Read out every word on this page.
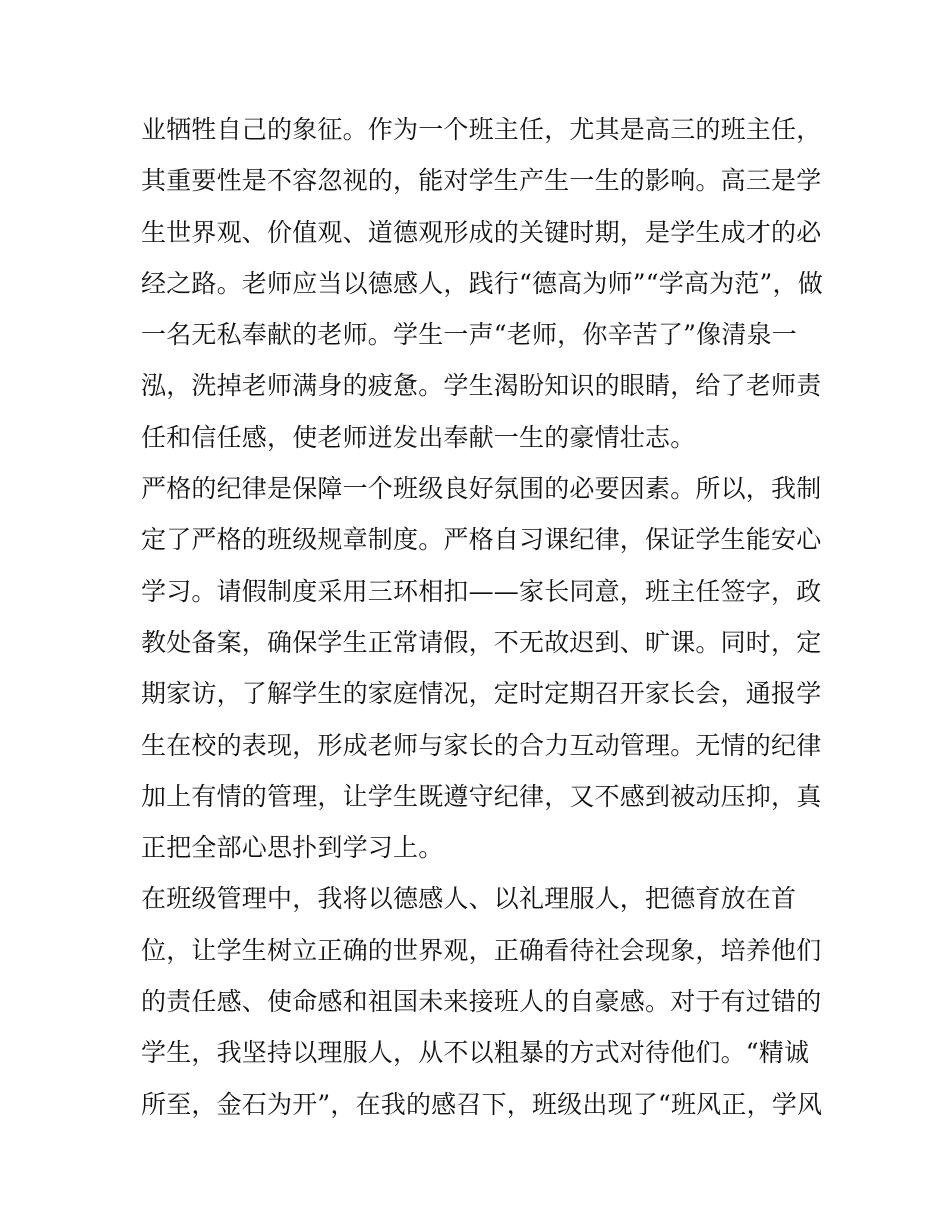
业牺牲自己的象征。作为一个班主任，尤其是高三的班主任，
其重要性是不容忽视的，能对学生产生一生的影响。高三是学
生世界观、价值观、道德观形成的关键时期，是学生成才的必
经之路。老师应当以德感人，践行“德高为师”“学高为范”，做
一名无私奉献的老师。学生一声“老师，你辛苦了”像清泉一
泓，洗掉老师满身的疲惫。学生渴盼知识的眼睛，给了老师责
任和信任感，使老师迸发出奉献一生的豪情壮志。
严格的纪律是保障一个班级良好氛围的必要因素。所以，我制
定了严格的班级规章制度。严格自习课纪律，保证学生能安心
学习。请假制度采用三环相扣——家长同意，班主任签字，政
教处备案，确保学生正常请假，不无故迟到、旷课。同时，定
期家访，了解学生的家庭情况，定时定期召开家长会，通报学
生在校的表现，形成老师与家长的合力互动管理。无情的纪律
加上有情的管理，让学生既遵守纪律，又不感到被动压抑，真
正把全部心思扑到学习上。
在班级管理中，我将以德感人、以礼理服人，把德育放在首
位，让学生树立正确的世界观，正确看待社会现象，培养他们
的责任感、使命感和祖国未来接班人的自豪感。对于有过错的
学生，我坚持以理服人，从不以粗暴的方式对待他们。“精诚
所至，金石为开”，在我的感召下，班级出现了“班风正，学风
